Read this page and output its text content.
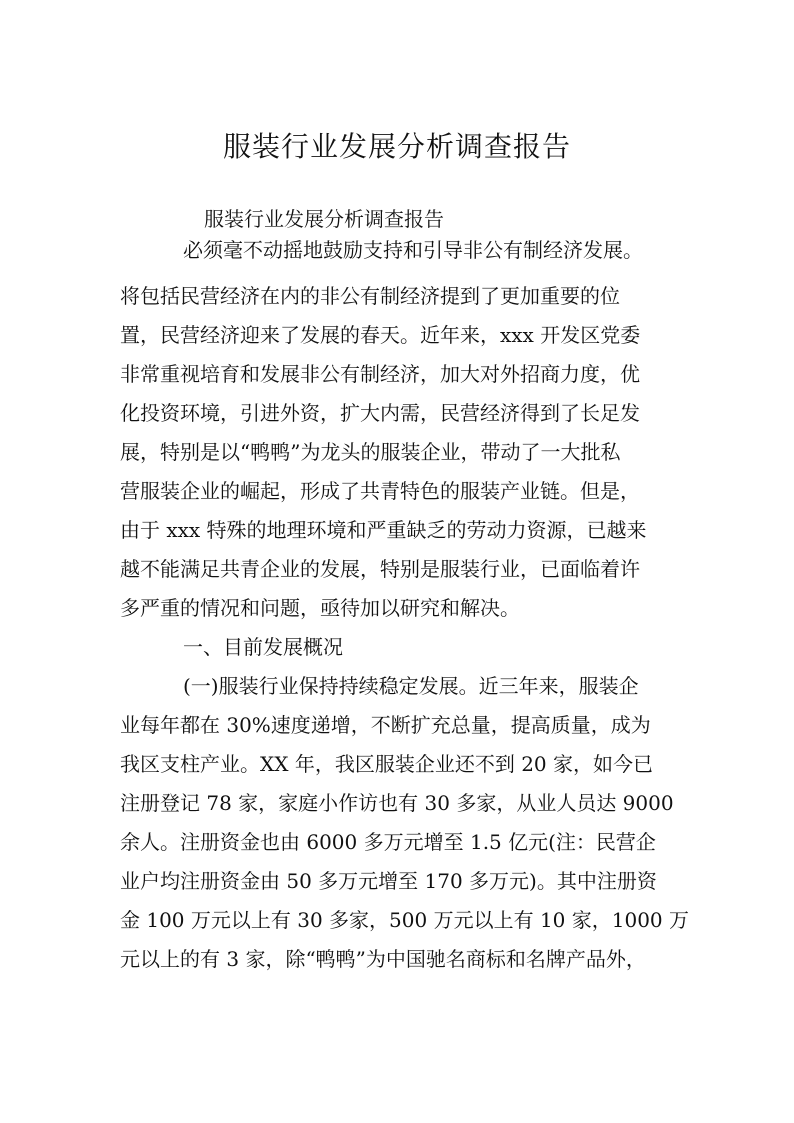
服装行业发展分析调查报告
服装行业发展分析调查报告
必须毫不动摇地鼓励支持和引导非公有制经济发展。
将包括民营经济在内的非公有制经济提到了更加重要的位
置，民营经济迎来了发展的春天。近年来，xxx 开发区党委
非常重视培育和发展非公有制经济，加大对外招商力度，优
化投资环境，引进外资，扩大内需，民营经济得到了长足发
展，特别是以“鸭鸭”为龙头的服装企业，带动了一大批私
营服装企业的崛起，形成了共青特色的服装产业链。但是，
由于 xxx 特殊的地理环境和严重缺乏的劳动力资源，已越来
越不能满足共青企业的发展，特别是服装行业，已面临着许
多严重的情况和问题，亟待加以研究和解决。
一、目前发展概况
(一)服装行业保持持续稳定发展。近三年来，服装企
业每年都在 30%速度递增，不断扩充总量，提高质量，成为
我区支柱产业。XX 年，我区服装企业还不到 20 家，如今已
注册登记 78 家，家庭小作访也有 30 多家，从业人员达 9000
余人。注册资金也由 6000 多万元增至 1.5 亿元(注：民营企
业户均注册资金由 50 多万元增至 170 多万元)。其中注册资
金 100 万元以上有 30 多家，500 万元以上有 10 家，1000 万
元以上的有 3 家，除“鸭鸭”为中国驰名商标和名牌产品外，
